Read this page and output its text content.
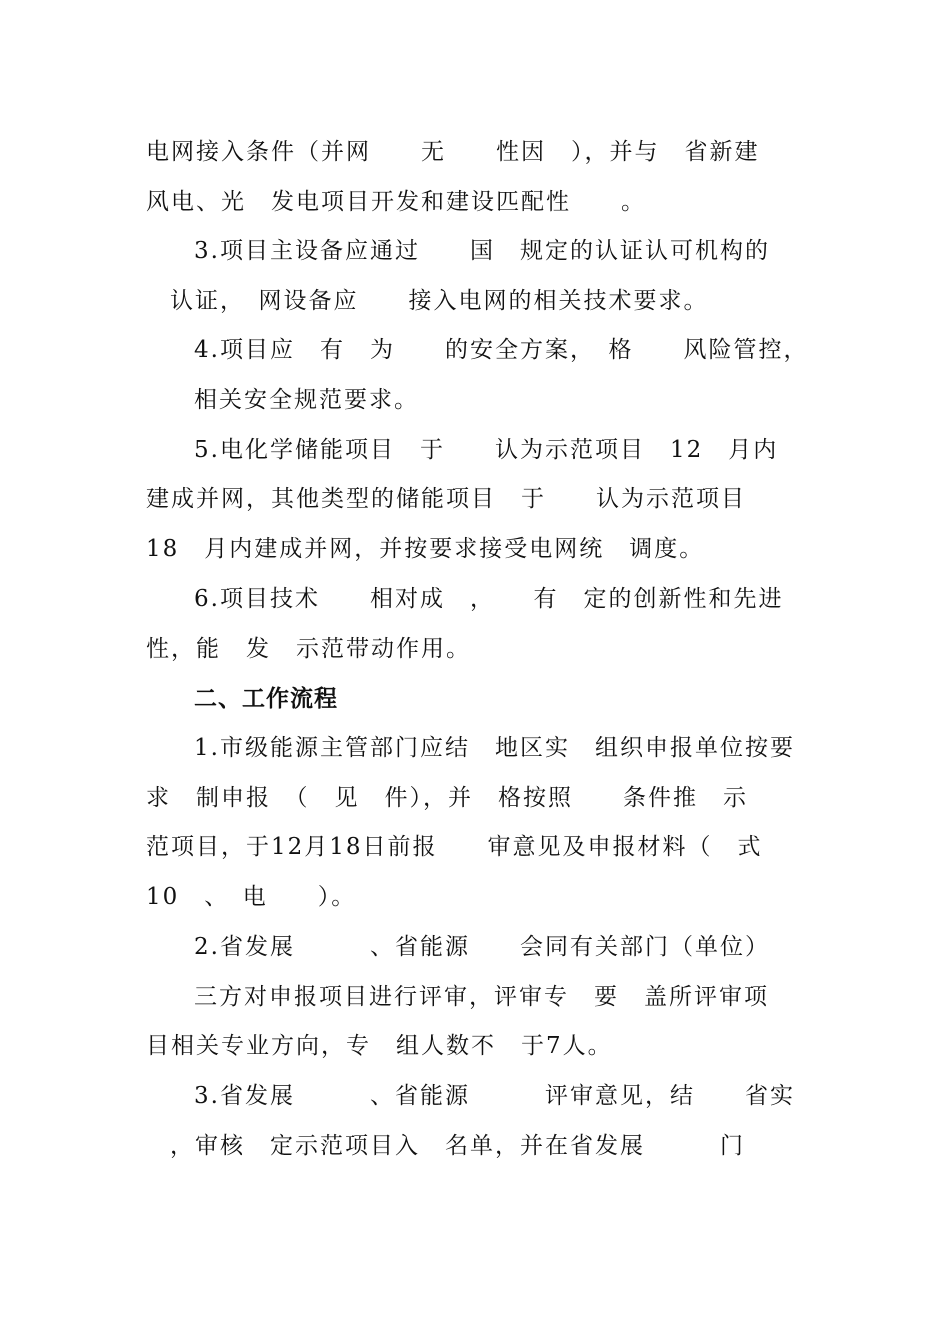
电网接入条件（并网　　无　　性因　），并与　省新建
风电、光　发电项目开发和建设匹配性　　。
3.项目主设备应通过　　国　规定的认证认可机构的
认证，　网设备应　　接入电网的相关技术要求。
4.项目应　有　为　　的安全方案，　格　　风险管控，
相关安全规范要求。
5.电化学储能项目　于　　认为示范项目　12　月内
建成并网，其他类型的储能项目　于　　认为示范项目
18　月内建成并网，并按要求接受电网统　调度。
6.项目技术　　相对成　，　　有　定的创新性和先进
性，能　发　示范带动作用。
二、工作流程
1.市级能源主管部门应结　地区实　组织申报单位按要
求　制申报　（　见　件），并　格按照　　条件推　示
范项目，于12月18日前报　　审意见及申报材料（　式
10　、　电　　）。
2.省发展　　　、省能源　　会同有关部门（单位）
三方对申报项目进行评审，评审专　要　盖所评审项
目相关专业方向，专　组人数不　于7人。
3.省发展　　　、省能源　　　评审意见，结　　省实
，审核　定示范项目入　名单，并在省发展　　　门
